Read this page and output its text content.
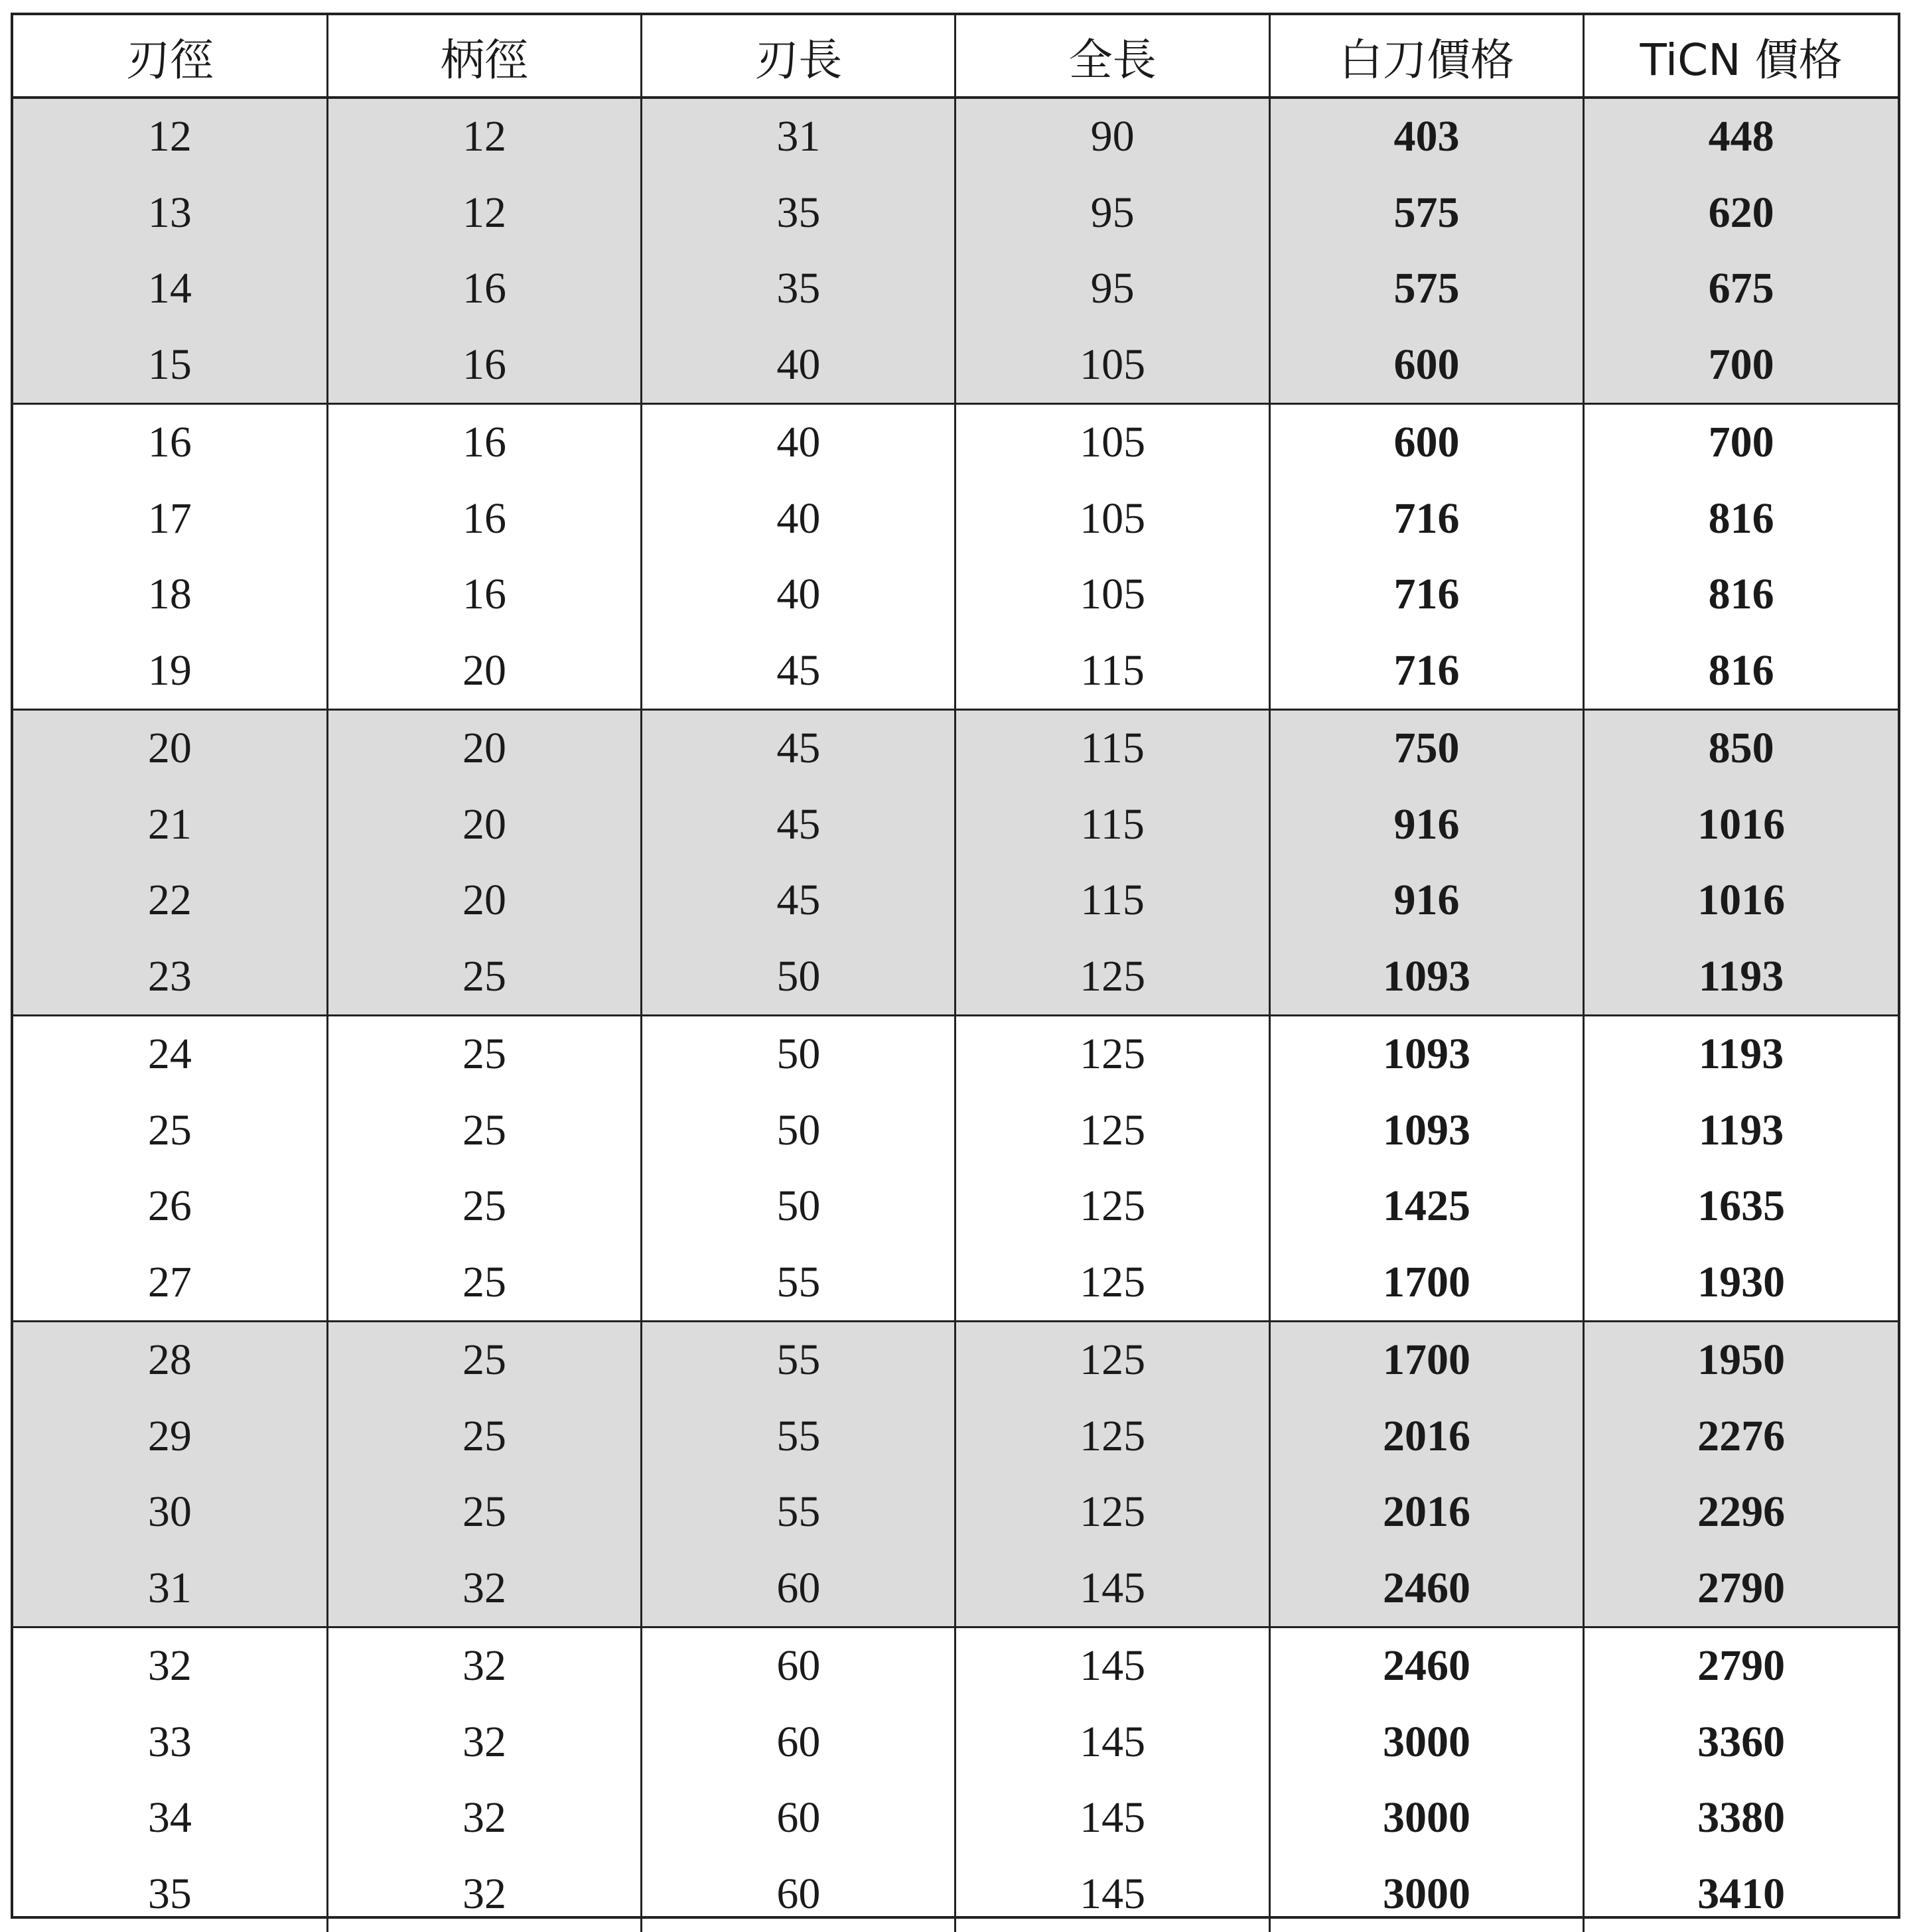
刃徑	柄徑	刃長	全長	白刀價格	TiCN 價格
12	12	31	90	403	448
13	12	35	95	575	620
14	16	35	95	575	675
15	16	40	105	600	700
16	16	40	105	600	700
17	16	40	105	716	816
18	16	40	105	716	816
19	20	45	115	716	816
20	20	45	115	750	850
21	20	45	115	916	1016
22	20	45	115	916	1016
23	25	50	125	1093	1193
24	25	50	125	1093	1193
25	25	50	125	1093	1193
26	25	50	125	1425	1635
27	25	55	125	1700	1930
28	25	55	125	1700	1950
29	25	55	125	2016	2276
30	25	55	125	2016	2296
31	32	60	145	2460	2790
32	32	60	145	2460	2790
33	32	60	145	3000	3360
34	32	60	145	3000	3380
35	32	60	145	3000	3410
